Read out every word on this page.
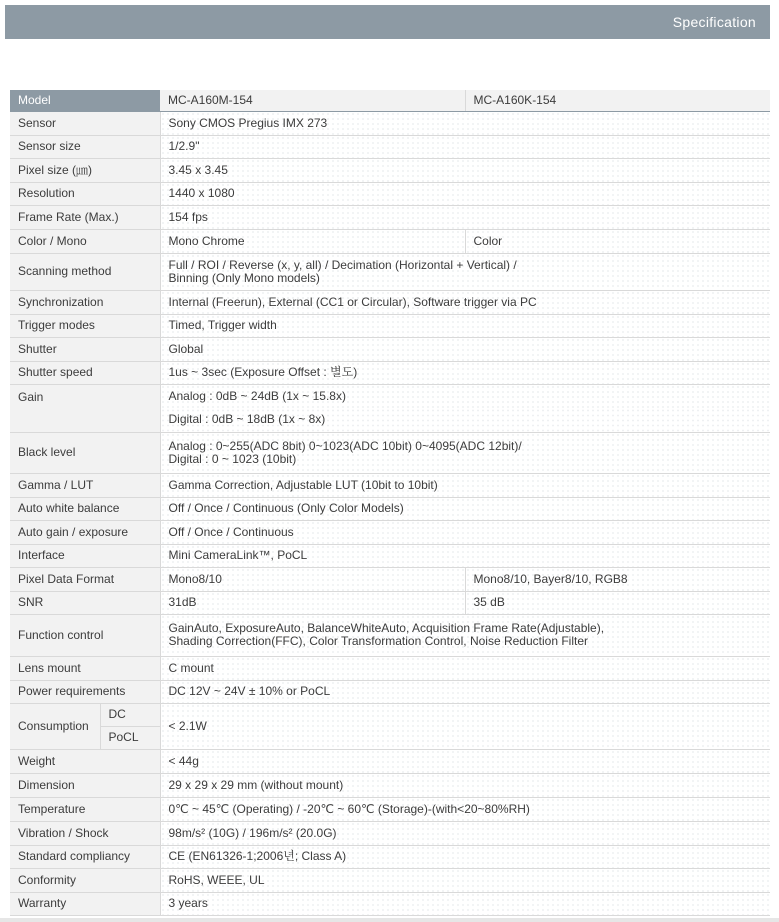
Specification
Model		MC-A160M-154	MC-A160K-154
Sensor		Sony CMOS Pregius IMX 273	
Sensor size		1/2.9"	
Pixel size (㎛)		3.45 x 3.45	
Resolution		1440 x 1080	
Frame Rate (Max.)		154 fps	
Color / Mono		Mono Chrome	Color
Scanning method		Full / ROI / Reverse (x, y, all) / Decimation (Horizontal + Vertical) /
Binning (Only Mono models)	

Synchronization		Internal (Freerun), External (CC1 or Circular), Software trigger via PC	
Trigger modes		Timed, Trigger width	
Shutter		Global	
Shutter speed		1us ~ 3sec (Exposure Offset : 별도)	
Gain		Analog : 0dB ~ 24dB (1x ~ 15.8x)	
		Digital : 0dB ~ 18dB (1x ~ 8x)	
Black level		Analog : 0~255(ADC 8bit) 0~1023(ADC 10bit) 0~4095(ADC 12bit)/
Digital : 0 ~ 1023 (10bit)	

Gamma / LUT		Gamma Correction, Adjustable LUT (10bit to 10bit)	
Auto white balance		Off / Once / Continuous (Only Color Models)	
Auto gain / exposure		Off / Once / Continuous	
Interface		Mini CameraLink™, PoCL	
Pixel Data Format		Mono8/10	Mono8/10, Bayer8/10, RGB8
SNR		31dB	35 dB
Function control		GainAuto, ExposureAuto, BalanceWhiteAuto, Acquisition Frame Rate(Adjustable),
Shading Correction(FFC), Color Transformation Control, Noise Reduction Filter	

Lens mount		C mount	
Power requirements		DC 12V ~ 24V ± 10% or PoCL	
Consumption	DC	< 2.1W	
	PoCL		
Weight		< 44g	
Dimension		29 x 29 x 29 mm (without mount)	
Temperature		0℃ ~ 45℃ (Operating) / -20℃ ~ 60℃ (Storage)-(with<20~80%RH)	
Vibration / Shock		98m/s² (10G) / 196m/s² (20.0G)	
Standard compliancy		CE (EN61326-1;2006년; Class A)	
Conformity		RoHS, WEEE, UL	
Warranty		3 years	
